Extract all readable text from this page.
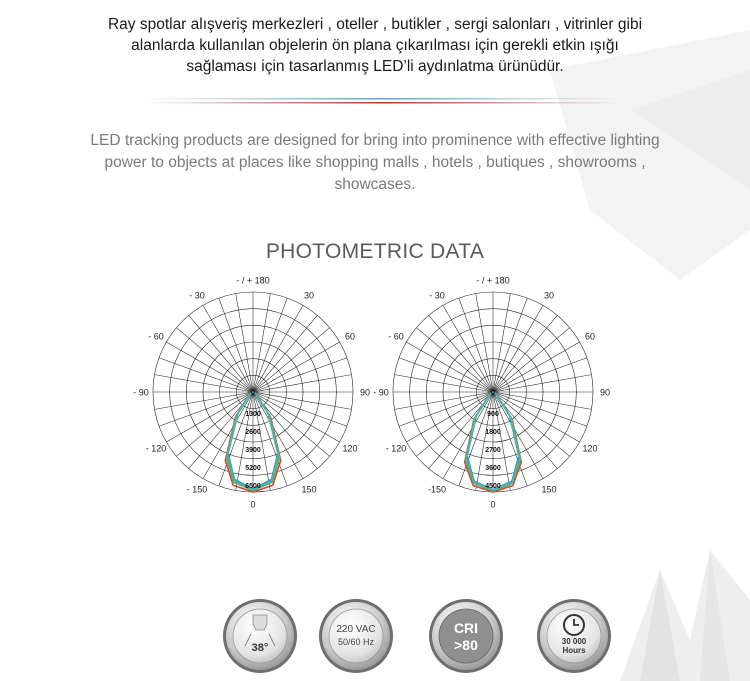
Ray spotlar alışveriş merkezleri , oteller , butikler , sergi salonları , vitrinler gibi
alanlarda kullanılan objelerin ön plana çıkarılması için gerekli etkin ışığı
sağlaması için tasarlanmış LED’li aydınlatma ürünüdür.
LED tracking products are designed for bring into prominence with effective lighting
power to objects at places like shopping malls , hotels , butiques , showrooms ,
showcases.
PHOTOMETRIC DATA
- / + 180
- 150	150
- 120	120
- 90	90
- 60	60
- 30	30
0
0
1300
2600
3900
5200
6500
- / + 180
-150	150
- 120	120
- 90	90
- 60	60
- 30	30
0
0
900
1800
2700
3600
4500
38°
220 VAC
50/60 Hz
CRI
>80	30 000
Hours
